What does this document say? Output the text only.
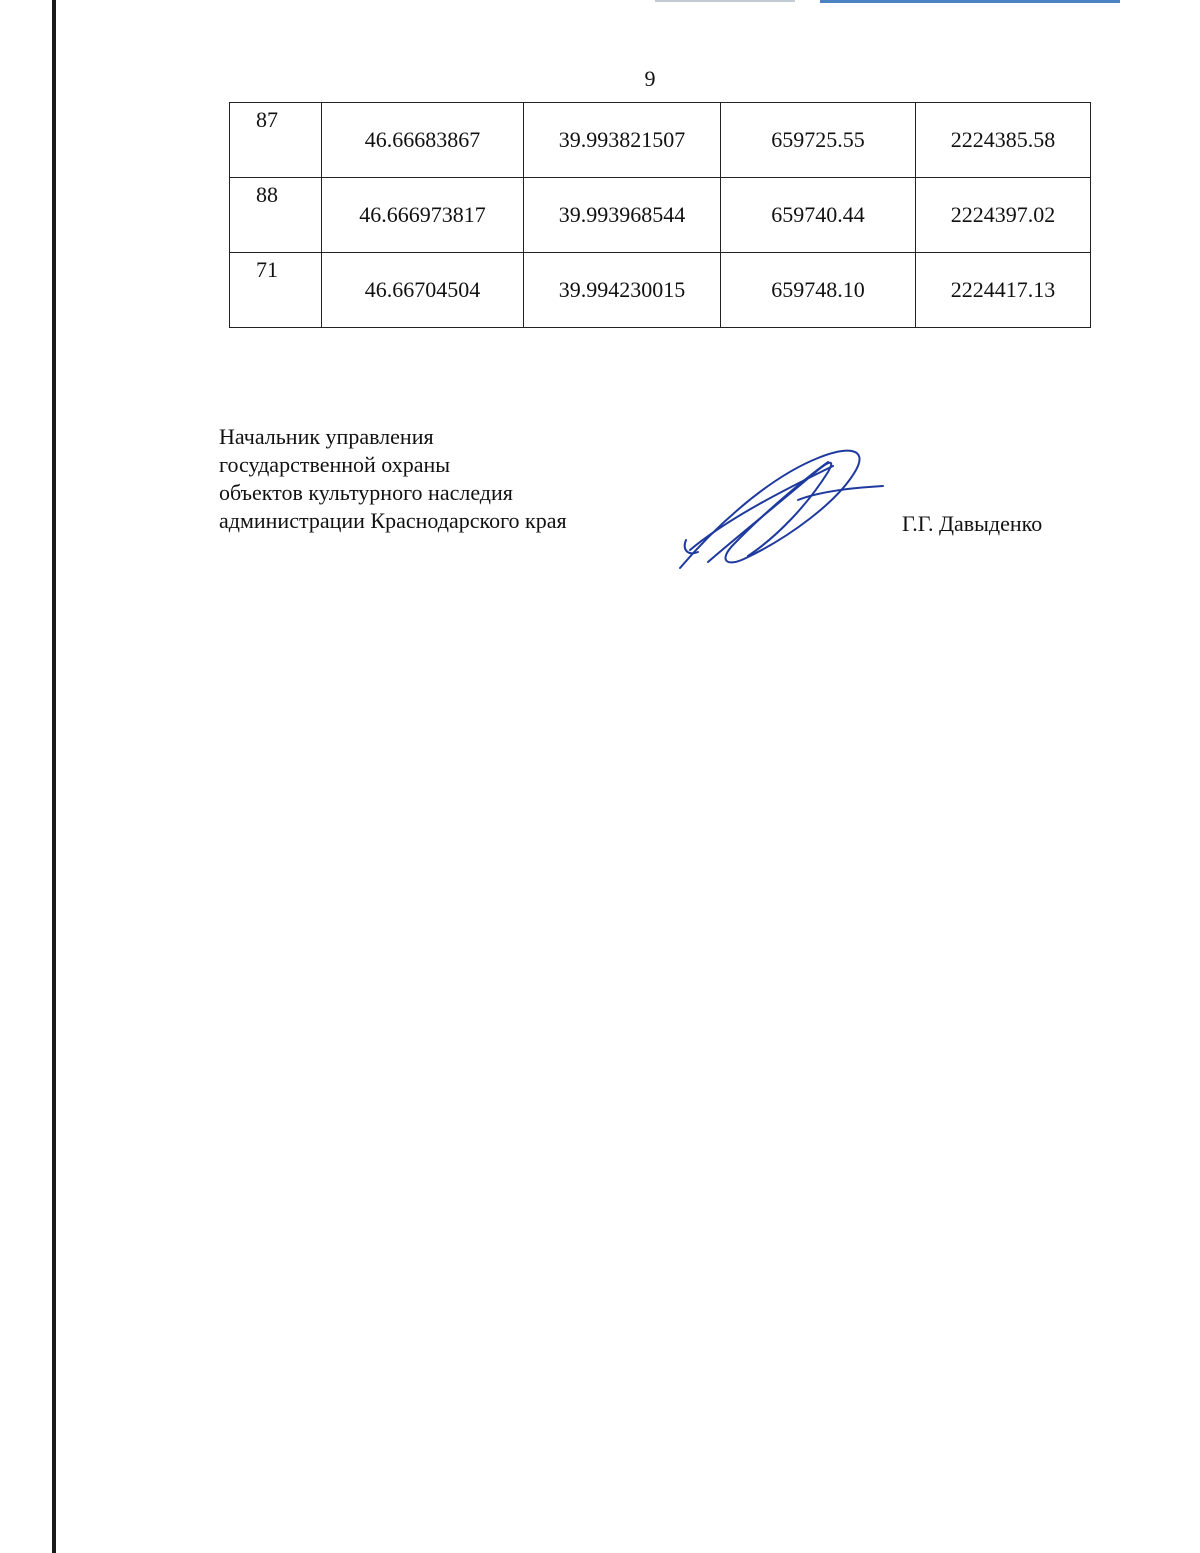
9
87	46.66683867	39.993821507	659725.55	2224385.58
88	46.666973817	39.993968544	659740.44	2224397.02
71	46.66704504	39.994230015	659748.10	2224417.13
Начальник управления
государственной охраны
объектов культурного наследия
администрации Краснодарского края	Г.Г. Давыденко
